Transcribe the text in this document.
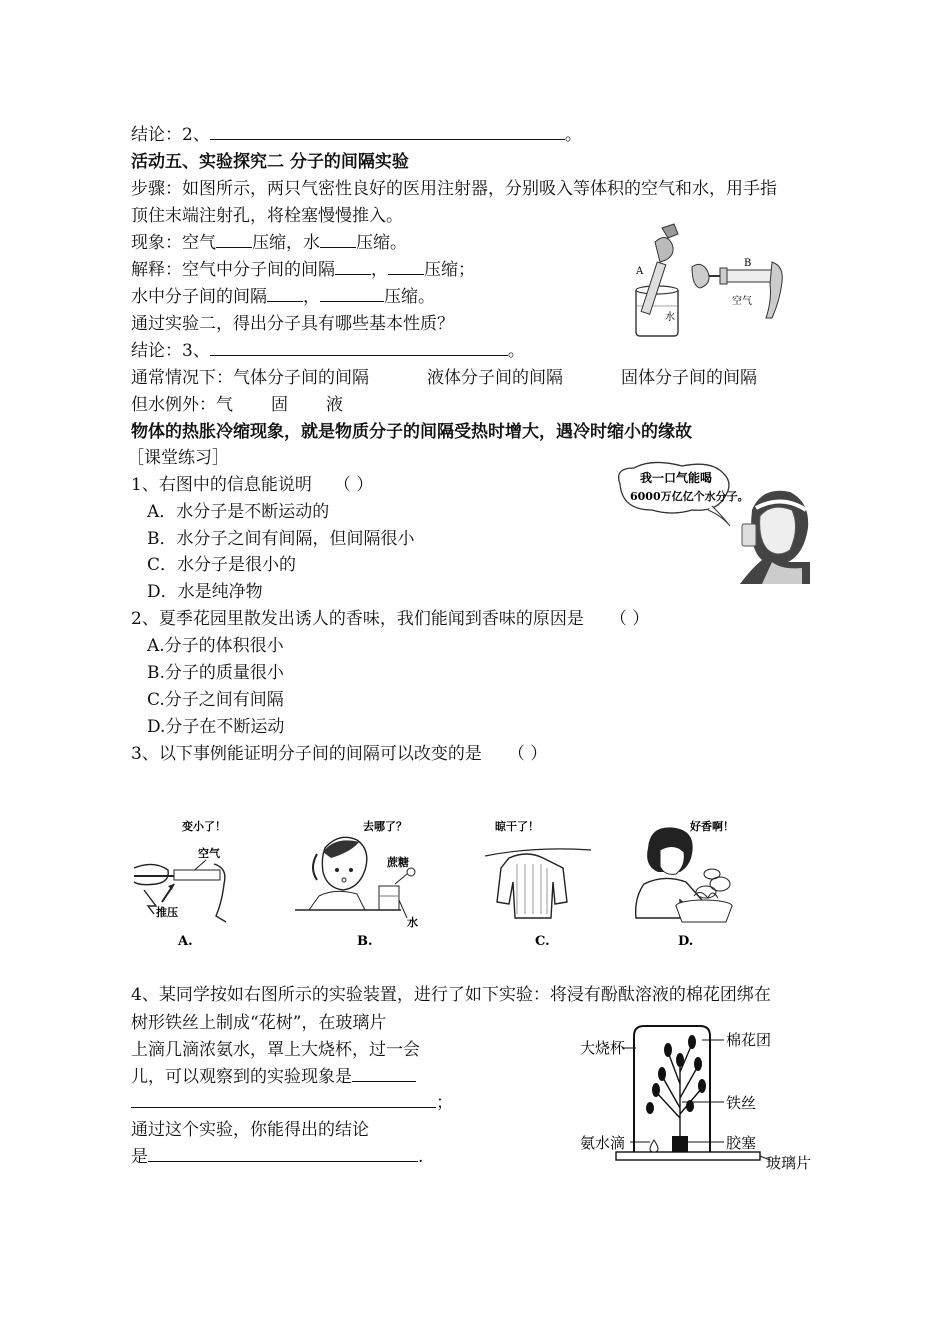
结论：2、	。
活动五、实验探究二 分子的间隔实验
步骤：如图所示，两只气密性良好的医用注射器，分别吸入等体积的空气和水，用手指
顶住末端注射孔，将栓塞慢慢推入。
现象：空气 压缩，水 压缩。
解释：空气中分子间的间隔 ， 压缩；
水中分子间的间隔 ，	压缩。
通过实验二，得出分子具有哪些基本性质？
结论：3、	。
通常情况下：气体分子间的间隔	液体分子间的间隔	固体分子间的间隔
但水例外：气 固 液
物体的热胀冷缩现象，就是物质分子的间隔受热时增大，遇冷时缩小的缘故
［课堂练习］
1、右图中的信息能说明 （ ）
A．水分子是不断运动的
B．水分子之间有间隔，但间隔很小
C．水分子是很小的
D．水是纯净物
2、夏季花园里散发出诱人的香味，我们能闻到香味的原因是 （ ）
A.分子的体积很小
B.分子的质量很小
C.分子之间有间隔
D.分子在不断运动
3、以下事例能证明分子间的间隔可以改变的是 （ ）
4、某同学按如右图所示的实验装置，进行了如下实验：将浸有酚酞溶液的棉花团绑在
树形铁丝上制成“花树”，在玻璃片
上滴几滴浓氨水，罩上大烧杯，过一会
儿，可以观察到的实验现象是
；
通过这个实验，你能得出的结论
是	.
A
B
水
空气
我一口气能喝
6000万亿亿个水分子。
变小了！
空气
推压
A.
去哪了？
蔗糖
水
B.
晾干了！
C.
好香啊！
D.
大烧杯	棉花团
铁丝
氨水滴	胶塞
玻璃片
